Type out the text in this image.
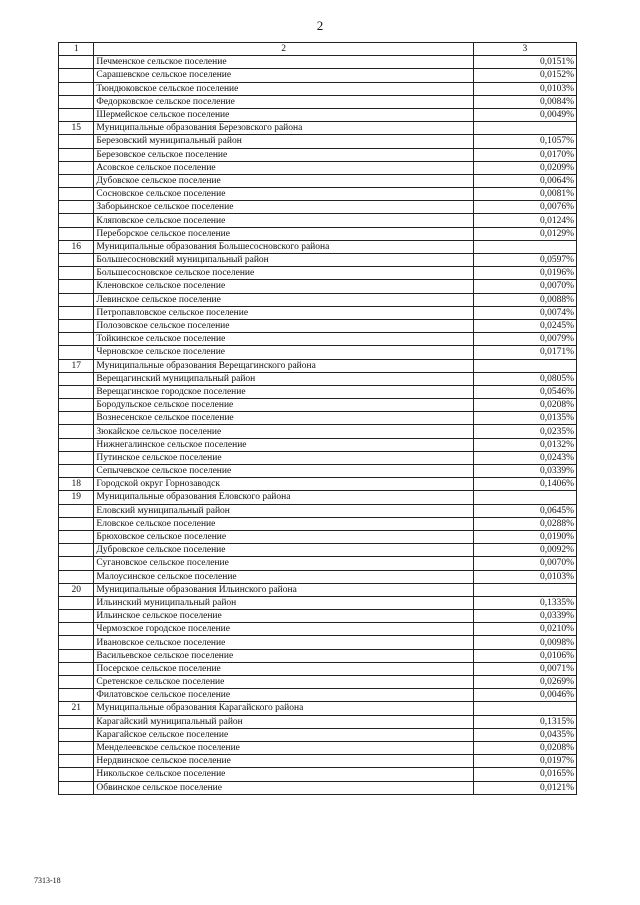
2
1	2	3
	Печменское сельское поселение	0,0151%
	Сарашевское сельское поселение	0,0152%
	Тюндюковское сельское поселение	0,0103%
	Федорковское сельское поселение	0,0084%
	Шермейское сельское поселение	0,0049%
15	Муниципальные образования Березовского района	
	Березовский муниципальный район	0,1057%
	Березовское сельское поселение	0,0170%
	Асовское сельское поселение	0,0209%
	Дубовское сельское поселение	0,0064%
	Сосновское сельское поселение	0,0081%
	Заборьинское сельское поселение	0,0076%
	Кляповское сельское поселение	0,0124%
	Переборское сельское поселение	0,0129%
16	Муниципальные образования Большесосновского района	
	Большесосновский муниципальный район	0,0597%
	Большесосновское сельское поселение	0,0196%
	Кленовское сельское поселение	0,0070%
	Левинское сельское поселение	0,0088%
	Петропавловское сельское поселение	0,0074%
	Полозовское сельское поселение	0,0245%
	Тойкинское сельское поселение	0,0079%
	Черновское сельское поселение	0,0171%
17	Муниципальные образования Верещагинского района	
	Верещагинский муниципальный район	0,0805%
	Верещагинское городское поселение	0,0546%
	Бородульское сельское поселение	0,0208%
	Вознесенское сельское поселение	0,0135%
	Зюкайское сельское поселение	0,0235%
	Нижнегалинское сельское поселение	0,0132%
	Путинское сельское поселение	0,0243%
	Сепычевское сельское поселение	0,0339%
18	Городской округ Горнозаводск	0,1406%
19	Муниципальные образования Еловского района	
	Еловский муниципальный район	0,0645%
	Еловское сельское поселение	0,0288%
	Брюховское сельское поселение	0,0190%
	Дубровское сельское поселение	0,0092%
	Сугановское сельское поселение	0,0070%
	Малоусинское сельское поселение	0,0103%
20	Муниципальные образования Ильинского района	
	Ильинский муниципальный район	0,1335%
	Ильинское сельское поселение	0,0339%
	Чермозское городское поселение	0,0210%
	Ивановское сельское поселение	0,0098%
	Васильевское сельское поселение	0,0106%
	Посерское сельское поселение	0,0071%
	Сретенское сельское поселение	0,0269%
	Филатовское сельское поселение	0,0046%
21	Муниципальные образования Карагайского района	
	Карагайский муниципальный район	0,1315%
	Карагайское сельское поселение	0,0435%
	Менделеевское сельское поселение	0,0208%
	Нердвинское сельское поселение	0,0197%
	Никольское сельское поселение	0,0165%
	Обвинское сельское поселение	0,0121%
7313-18
